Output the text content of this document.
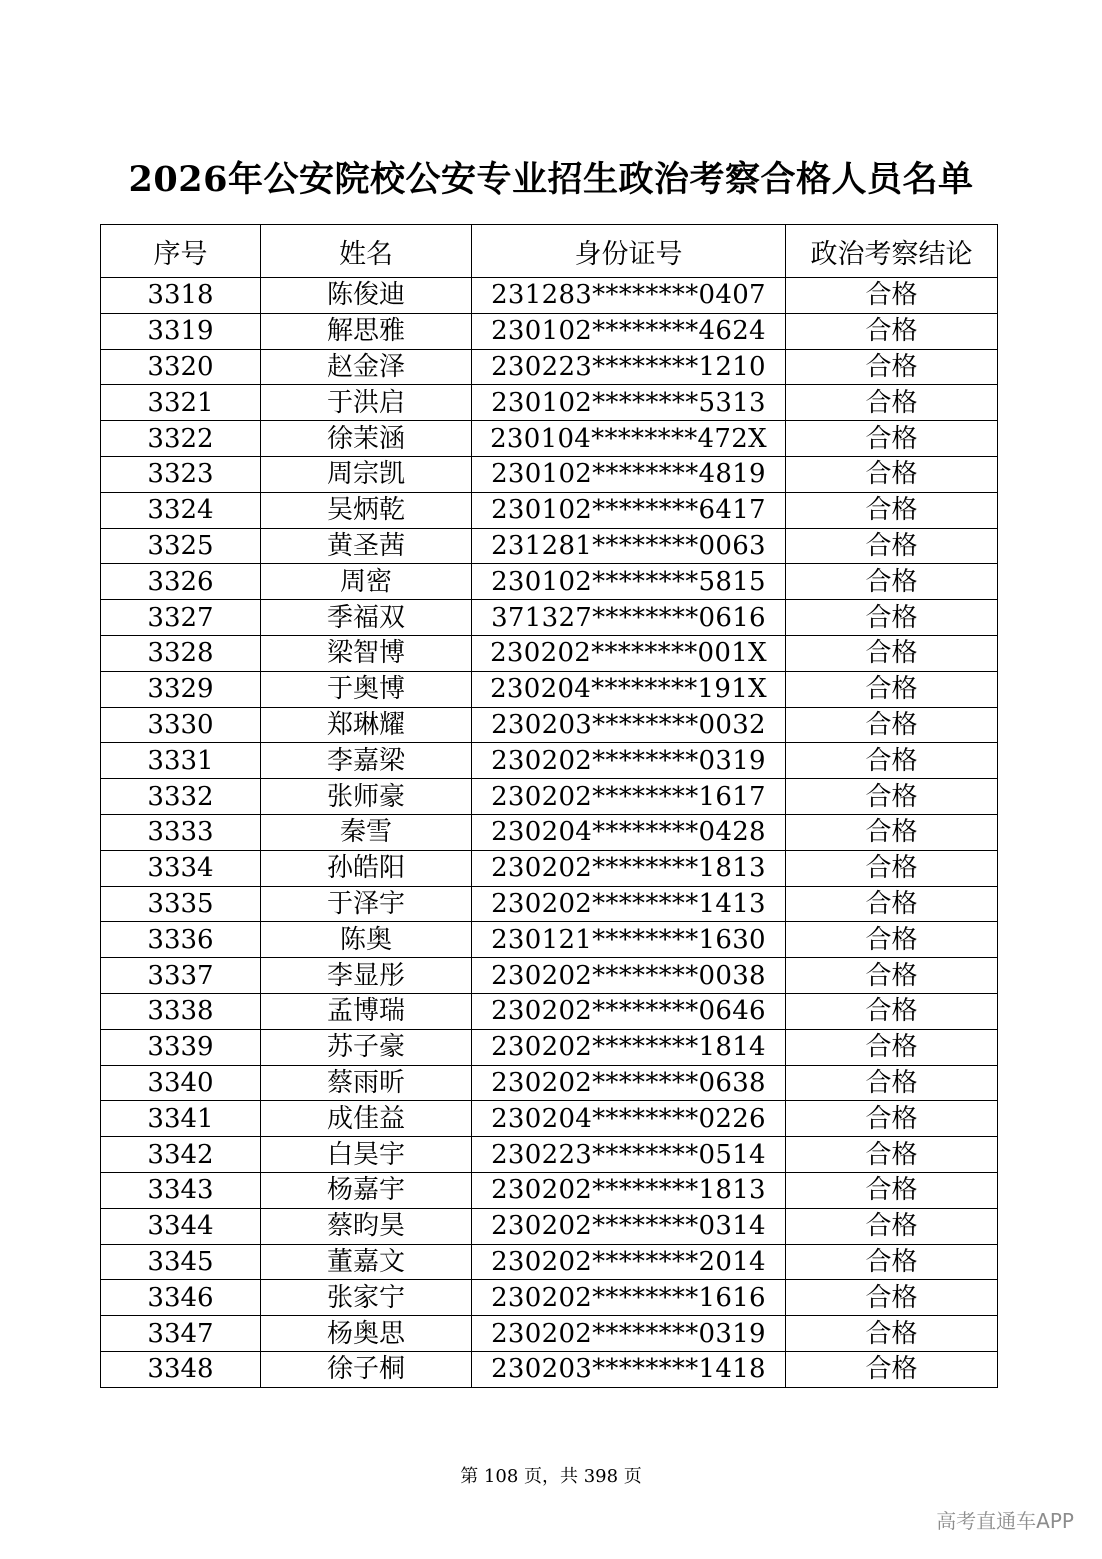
2026年公安院校公安专业招生政治考察合格人员名单
序号	姓名	身份证号	政治考察结论
3318	陈俊迪	231283********0407	合格
3319	解思雅	230102********4624	合格
3320	赵金泽	230223********1210	合格
3321	于洪启	230102********5313	合格
3322	徐茉涵	230104********472X	合格
3323	周宗凯	230102********4819	合格
3324	吴炳乾	230102********6417	合格
3325	黄圣茜	231281********0063	合格
3326	周密	230102********5815	合格
3327	季福双	371327********0616	合格
3328	梁智博	230202********001X	合格
3329	于奥博	230204********191X	合格
3330	郑琳耀	230203********0032	合格
3331	李嘉梁	230202********0319	合格
3332	张师豪	230202********1617	合格
3333	秦雪	230204********0428	合格
3334	孙皓阳	230202********1813	合格
3335	于泽宇	230202********1413	合格
3336	陈奥	230121********1630	合格
3337	李显彤	230202********0038	合格
3338	孟博瑞	230202********0646	合格
3339	苏子豪	230202********1814	合格
3340	蔡雨昕	230202********0638	合格
3341	成佳益	230204********0226	合格
3342	白昊宇	230223********0514	合格
3343	杨嘉宇	230202********1813	合格
3344	蔡昀昊	230202********0314	合格
3345	董嘉文	230202********2014	合格
3346	张家宁	230202********1616	合格
3347	杨奥思	230202********0319	合格
3348	徐子桐	230203********1418	合格
第 108 页，共 398 页
高考直通车APP
